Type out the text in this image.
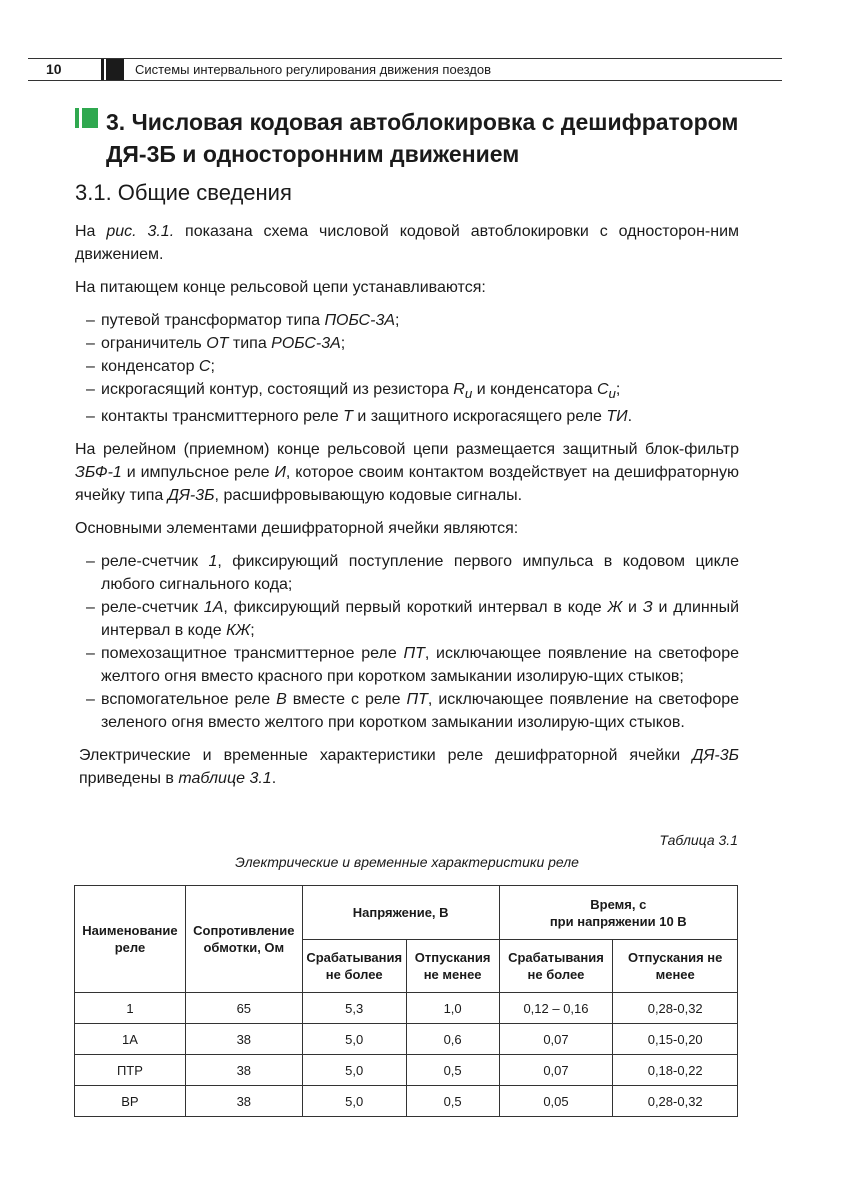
10	Системы интервального регулирования движения поездов
3. Числовая кодовая автоблокировка с дешифратором
ДЯ-3Б и односторонним движением
3.1. Общие сведения

На рис. 3.1. показана схема числовой кодовой автоблокировки с односторон-ним движением.

На питающем конце рельсовой цепи устанавливаются:

– путевой трансформатор типа ПОБС-3А;
– ограничитель ОТ типа РОБС-3А;
– конденсатор С;
– искрогасящий контур, состоящий из резистора $R_и$ и конденсатора $С_и$;
– контакты трансмиттерного реле Т и защитного искрогасящего реле ТИ.

На релейном (приемном) конце рельсовой цепи размещается защитный блок-фильтр ЗБФ-1 и импульсное реле И, которое своим контактом воздействует на дешифраторную ячейку типа ДЯ-3Б, расшифровывающую кодовые сигналы.

Основными элементами дешифраторной ячейки являются:

– реле-счетчик 1, фиксирующий поступление первого импульса в кодовом цикле любого сигнального кода;
– реле-счетчик 1А, фиксирующий первый короткий интервал в коде Ж и З и длинный интервал в коде КЖ;
– помехозащитное трансмиттерное реле ПТ, исключающее появление на светофоре желтого огня вместо красного при коротком замыкании изолирую-щих стыков;
– вспомогательное реле В вместе с реле ПТ, исключающее появление на светофоре зеленого огня вместо желтого при коротком замыкании изолирую-щих стыков.

Электрические и временные характеристики реле дешифраторной ячейки ДЯ-3Б приведены в таблице 3.1.

Таблица 3.1
Электрические и временные характеристики реле
Наименование реле	Сопротивление обмотки, Ом	Напряжение, В		Время, с
при напряжении 10 В	

		Срабатывания не более	Отпускания не менее	Срабатывания не более	Отпускания не менее
1	65	5,3	1,0	0,12 – 0,16	0,28-0,32
1А	38	5,0	0,6	0,07	0,15-0,20
ПТР	38	5,0	0,5	0,07	0,18-0,22
ВР	38	5,0	0,5	0,05	0,28-0,32
